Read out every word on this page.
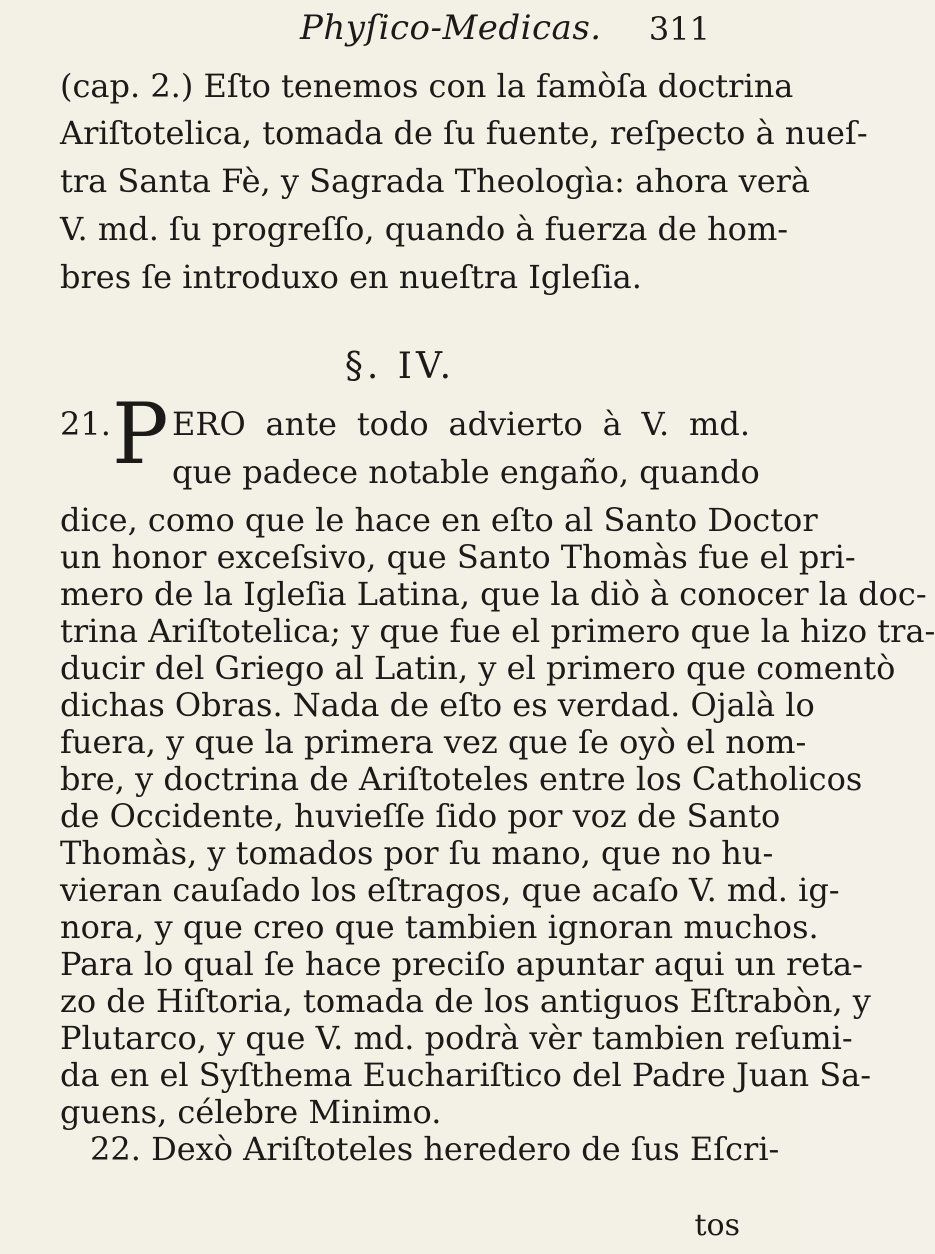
Phyſico-Medicas. 311
(cap. 2.) Eſto tenemos con la famòſa doctrina
Ariſtotelica, tomada de ſu fuente, reſpecto à nueſ-
tra Santa Fè, y Sagrada Theologìa: ahora verà
V. md. ſu progreſſo, quando à fuerza de hom-
bres ſe introduxo en nueſtra Igleſia.
§. IV.
21. P ERO ante todo advierto à V. md.
que padece notable engaño, quando
dice, como que le hace en eſto al Santo Doctor
un honor exceſsivo, que Santo Thomàs fue el pri-
mero de la Igleſia Latina, que la diò à conocer la doc-
trina Ariſtotelica; y que fue el primero que la hizo tra-
ducir del Griego al Latin, y el primero que comentò
dichas Obras. Nada de eſto es verdad. Ojalà lo
fuera, y que la primera vez que ſe oyò el nom-
bre, y doctrina de Ariſtoteles entre los Catholicos
de Occidente, huvieſſe ſido por voz de Santo
Thomàs, y tomados por ſu mano, que no hu-
vieran cauſado los eſtragos, que acaſo V. md. ig-
nora, y que creo que tambien ignoran muchos.
Para lo qual ſe hace preciſo apuntar aqui un reta-
zo de Hiſtoria, tomada de los antiguos Eſtrabòn, y
Plutarco, y que V. md. podrà vèr tambien reſumi-
tos
da en el Syſthema Euchariſtico del Padre Juan Sa-
guens, célebre Minimo.
22. Dexò Ariſtoteles heredero de ſus Eſcri-
